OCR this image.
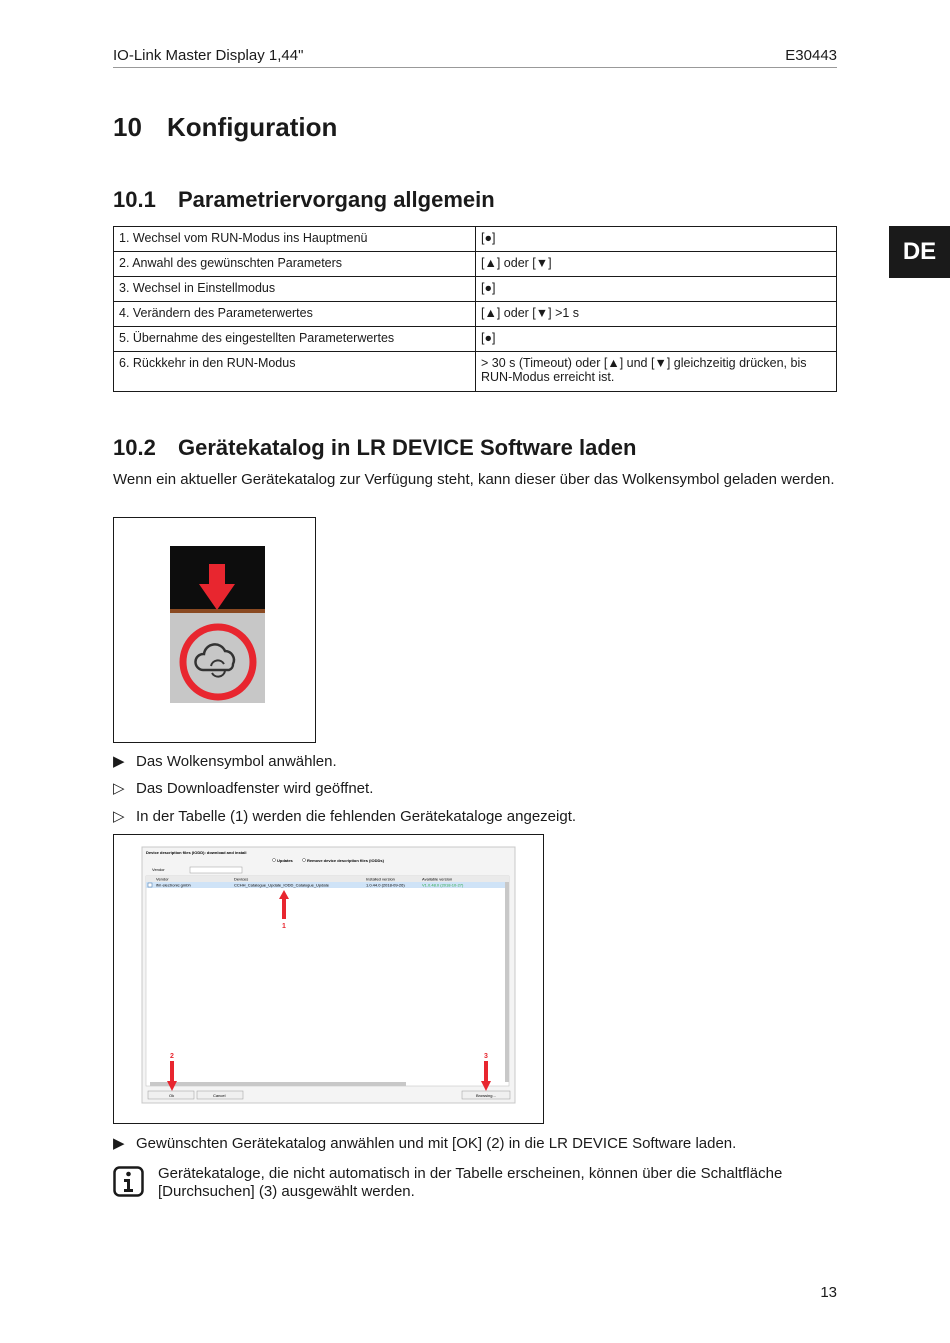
IO-Link Master Display 1,44"	E30443
DE
10 Konfiguration
10.1 Parametriervorgang allgemein
1. Wechsel vom RUN-Modus ins Hauptmenü	[●]
2. Anwahl des gewünschten Parameters	[▲] oder [▼]
3. Wechsel in Einstellmodus	[●]
4. Verändern des Parameterwertes	[▲] oder [▼] >1 s
5. Übernahme des eingestellten Parameterwertes	[●]
6. Rückkehr in den RUN-Modus	> 30 s (Timeout) oder [▲] und [▼] gleichzeitig drücken, bis RUN-Modus erreicht ist.
10.2 Gerätekatalog in LR DEVICE Software laden

Wenn ein aktueller Gerätekatalog zur Verfügung steht, kann dieser über das Wolkensymbol geladen werden.

▶ Das Wolkensymbol anwählen.
▷ Das Downloadfenster wird geöffnet.
▷ In der Tabelle (1) werden die fehlenden Gerätekataloge angezeigt.
Device description files (IODD): download and install
Updates	Remove device description files (IODDs)
Vendor
Vendor	Devices	Installed version	Available version
ifm electronic gmbh	CCHH_Catalogue_Update_IODD_Catalogue_Update	1.0.44.0 (2018-09-26)	V1.0.48.0 (2018-10-27)
Ok	Cancel	Browsing...
1
2	3
▶ Gewünschten Gerätekatalog anwählen und mit [OK] (2) in die LR DEVICE Software laden.

Gerätekataloge, die nicht automatisch in der Tabelle erscheinen, können über die Schaltfläche [Durchsuchen] (3) ausgewählt werden.

13
